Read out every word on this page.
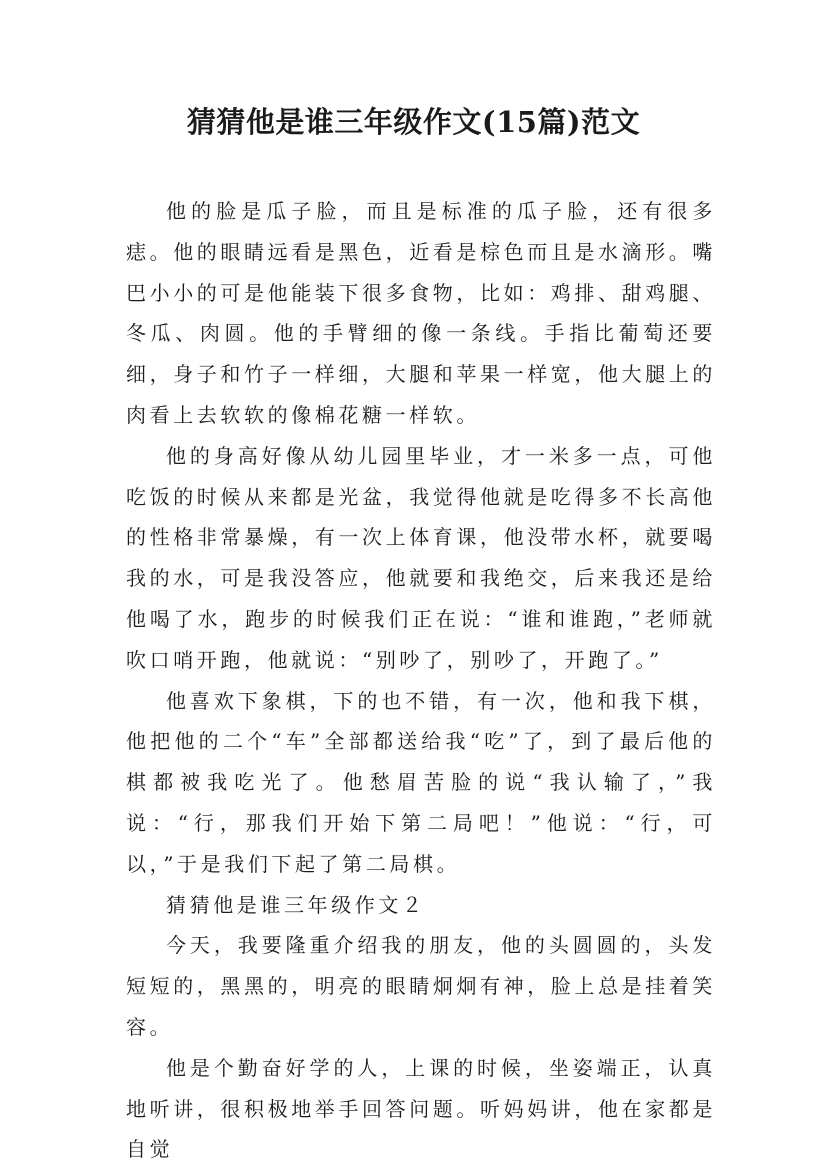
猜猜他是谁三年级作文(15篇)范文

他的脸是瓜子脸，而且是标准的瓜子脸，还有很多痣。他的眼睛远看是黑色，近看是棕色而且是水滴形。嘴巴小小的可是他能装下很多食物，比如：鸡排、甜鸡腿、冬瓜、肉圆。他的手臂细的像一条线。手指比葡萄还要细，身子和竹子一样细，大腿和苹果一样宽，他大腿上的肉看上去软软的像棉花糖一样软。

他的身高好像从幼儿园里毕业，才一米多一点，可他吃饭的时候从来都是光盆，我觉得他就是吃得多不长高他的性格非常暴燥，有一次上体育课，他没带水杯，就要喝我的水，可是我没答应，他就要和我绝交，后来我还是给他喝了水，跑步的时候我们正在说：“谁和谁跑，”老师就吹口哨开跑，他就说：“别吵了，别吵了，开跑了。”

他喜欢下象棋，下的也不错，有一次，他和我下棋，他把他的二个“车”全部都送给我“吃”了，到了最后他的棋都被我吃光了。他愁眉苦脸的说“我认输了，”我说：“行，那我们开始下第二局吧！”他说：“行，可以，”于是我们下起了第二局棋。

猜猜他是谁三年级作文２

今天，我要隆重介绍我的朋友，他的头圆圆的，头发短短的，黑黑的，明亮的眼睛炯炯有神，脸上总是挂着笑容。

他是个勤奋好学的人，上课的时候，坐姿端正，认真地听讲，很积极地举手回答问题。听妈妈讲，他在家都是自觉
